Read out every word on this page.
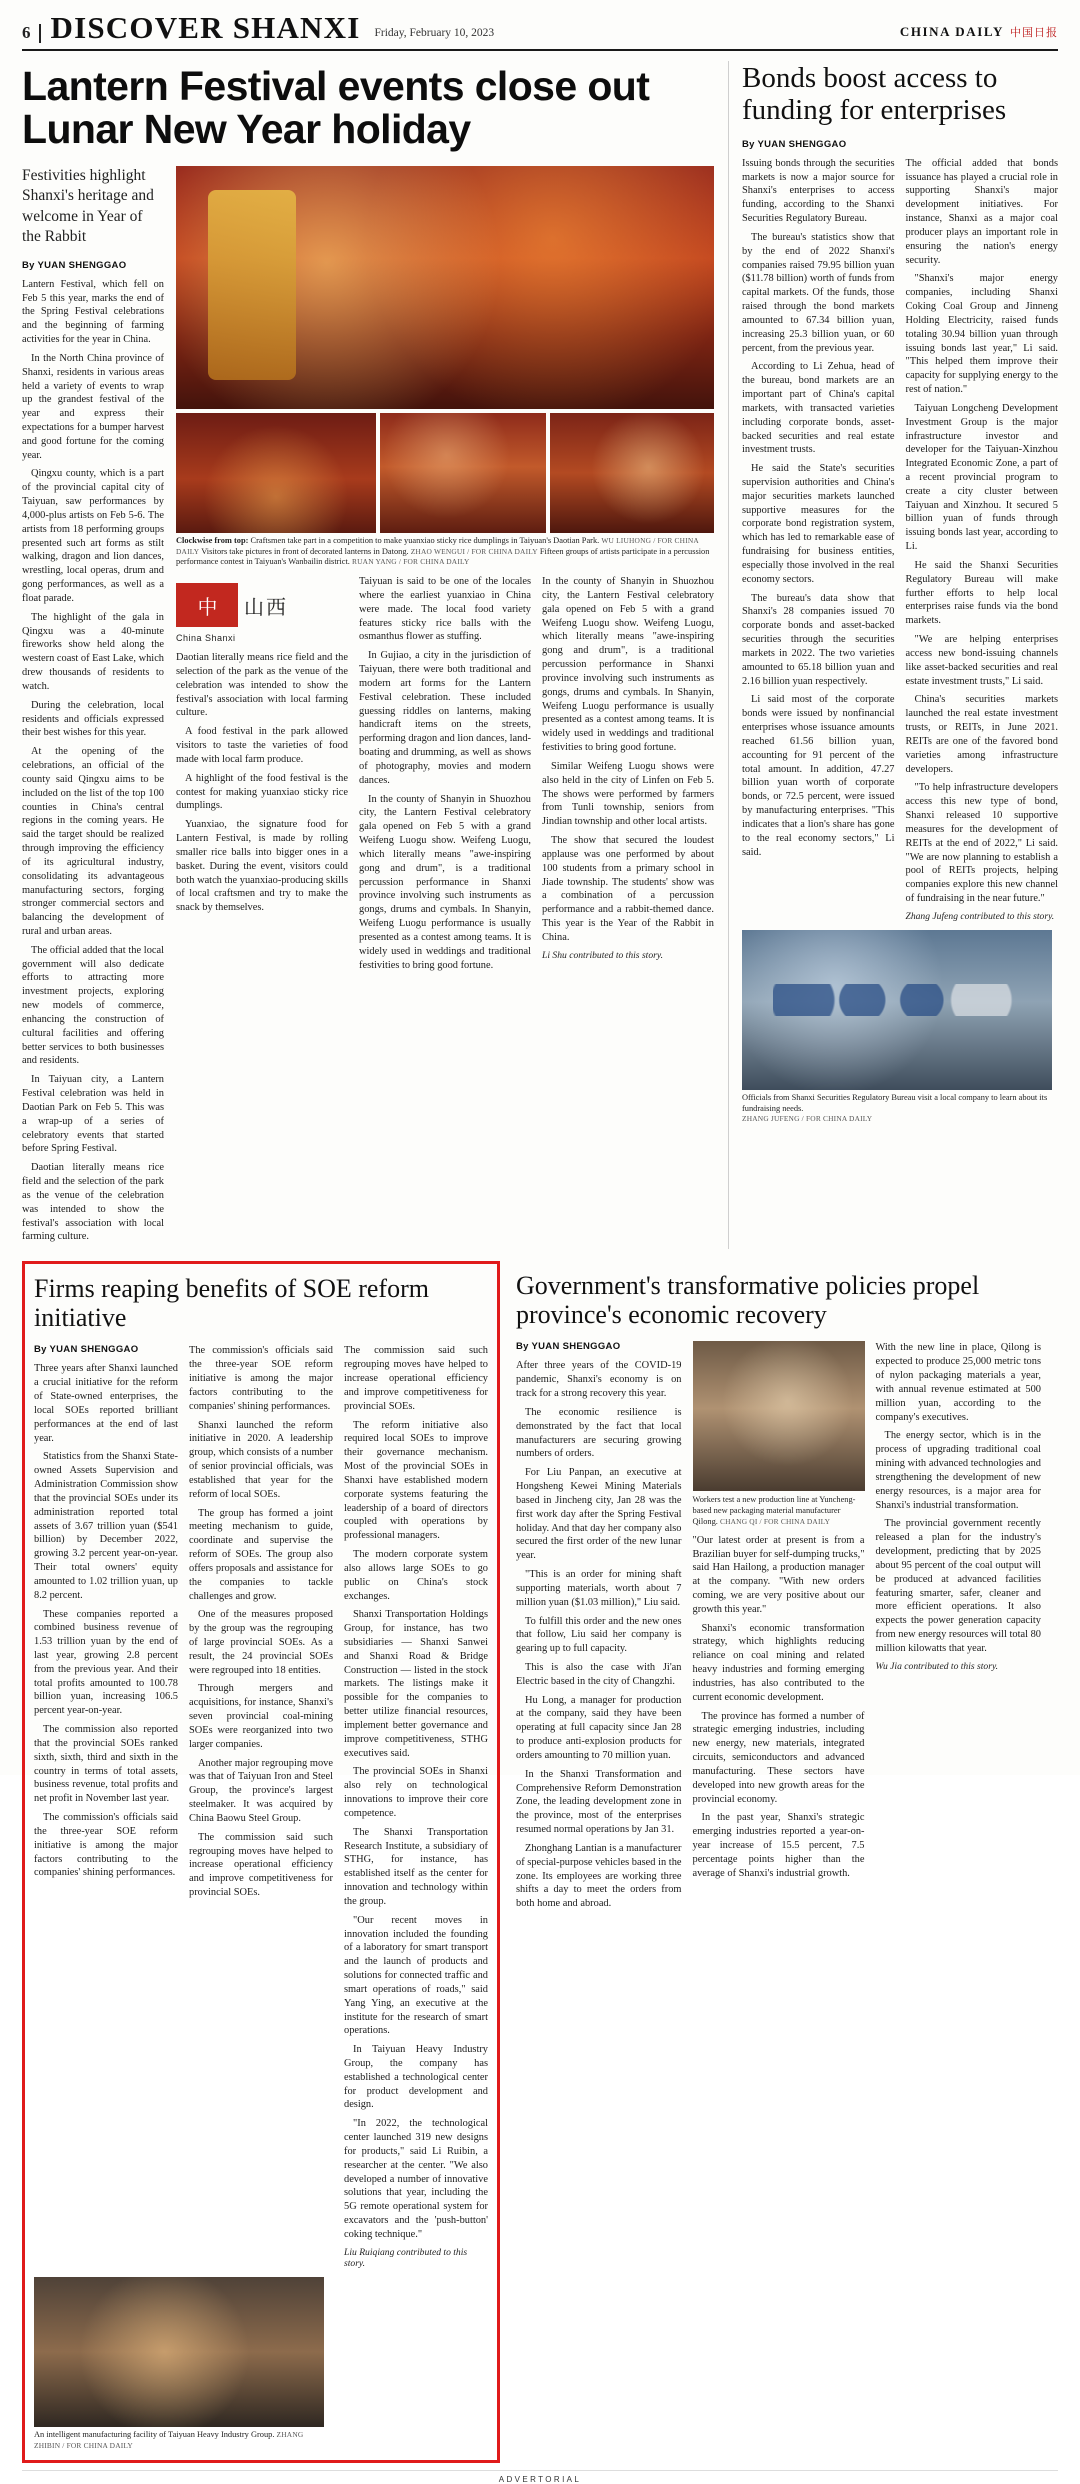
6 DISCOVER SHANXI Friday, February 10, 2023	CHINA DAILY 中国日报
Lantern Festival events close out Lunar New Year holiday
Festivities highlight Shanxi's heritage and welcome in Year of the Rabbit
By YUAN SHENGGAO

Lantern Festival, which fell on Feb 5 this year, marks the end of the Spring Festival celebrations and the beginning of farming activities for the year in China.

In the North China province of Shanxi, residents in various areas held a variety of events to wrap up the grandest festival of the year and express their expectations for a bumper harvest and good fortune for the coming year.

Qingxu county, which is a part of the provincial capital city of Taiyuan, saw performances by 4,000-plus artists on Feb 5-6. The artists from 18 performing groups presented such art forms as stilt walking, dragon and lion dances, wrestling, local operas, drum and gong performances, as well as a float parade.

The highlight of the gala in Qingxu was a 40-minute fireworks show held along the western coast of East Lake, which drew thousands of residents to watch.

During the celebration, local residents and officials expressed their best wishes for this year.

At the opening of the celebrations, an official of the county said Qingxu aims to be included on the list of the top 100 counties in China's central regions in the coming years. He said the target should be realized through improving the efficiency of its agricultural industry, consolidating its advantageous manufacturing sectors, forging stronger commercial sectors and balancing the development of rural and urban areas.

The official added that the local government will also dedicate efforts to attracting more investment projects, exploring new models of commerce, enhancing the construction of cultural facilities and offering better services to both businesses and residents.

In Taiyuan city, a Lantern Festival celebration was held in Daotian Park on Feb 5. This was a wrap-up of a series of celebratory events that started before Spring Festival.

Daotian literally means rice field and the selection of the park as the venue of the celebration was intended to show the festival's association with local farming culture.

Clockwise from top: Craftsmen take part in a competition to make yuanxiao sticky rice dumplings in Taiyuan's Daotian Park. WU LIUHONG / FOR CHINA DAILY Visitors take pictures in front of decorated lanterns in Datong. ZHAO WENGUI / FOR CHINA DAILY Fifteen groups of artists participate in a percussion performance contest in Taiyuan's Wanbailin district. RUAN YANG / FOR CHINA DAILY
中	山西
China Shanxi

Daotian literally means rice field and the selection of the park as the venue of the celebration was intended to show the festival's association with local farming culture.

A food festival in the park allowed visitors to taste the varieties of food made with local farm produce.

A highlight of the food festival is the contest for making yuanxiao sticky rice dumplings.

Yuanxiao, the signature food for Lantern Festival, is made by rolling smaller rice balls into bigger ones in a basket. During the event, visitors could both watch the yuanxiao-producing skills of local craftsmen and try to make the snack by themselves.

Taiyuan is said to be one of the locales where the earliest yuanxiao in China were made. The local food variety features sticky rice balls with the osmanthus flower as stuffing.

In Gujiao, a city in the jurisdiction of Taiyuan, there were both traditional and modern art forms for the Lantern Festival celebration. These included guessing riddles on lanterns, making handicraft items on the streets, performing dragon and lion dances, land-boating and drumming, as well as shows of photography, movies and modern dances.

In the county of Shanyin in Shuozhou city, the Lantern Festival celebratory gala opened on Feb 5 with a grand Weifeng Luogu show. Weifeng Luogu, which literally means "awe-inspiring gong and drum", is a traditional percussion performance in Shanxi province involving such instruments as gongs, drums and cymbals. In Shanyin, Weifeng Luogu performance is usually presented as a contest among teams. It is widely used in weddings and traditional festivities to bring good fortune.

In the county of Shanyin in Shuozhou city, the Lantern Festival celebratory gala opened on Feb 5 with a grand Weifeng Luogu show. Weifeng Luogu, which literally means "awe-inspiring gong and drum", is a traditional percussion performance in Shanxi province involving such instruments as gongs, drums and cymbals. In Shanyin, Weifeng Luogu performance is usually presented as a contest among teams. It is widely used in weddings and traditional festivities to bring good fortune.

Similar Weifeng Luogu shows were also held in the city of Linfen on Feb 5. The shows were performed by farmers from Tunli township, seniors from Jindian township and other local artists.

The show that secured the loudest applause was one performed by about 100 students from a primary school in Jiade township. The students' show was a combination of a percussion performance and a rabbit-themed dance. This year is the Year of the Rabbit in China.

Li Shu contributed to this story.
Bonds boost access to funding for enterprises
By YUAN SHENGGAO

Issuing bonds through the securities markets is now a major source for Shanxi's enterprises to access funding, according to the Shanxi Securities Regulatory Bureau.

The bureau's statistics show that by the end of 2022 Shanxi's companies raised 79.95 billion yuan ($11.78 billion) worth of funds from capital markets. Of the funds, those raised through the bond markets amounted to 67.34 billion yuan, increasing 25.3 billion yuan, or 60 percent, from the previous year.

According to Li Zehua, head of the bureau, bond markets are an important part of China's capital markets, with transacted varieties including corporate bonds, asset-backed securities and real estate investment trusts.

He said the State's securities supervision authorities and China's major securities markets launched supportive measures for the corporate bond registration system, which has led to remarkable ease of fundraising for business entities, especially those involved in the real economy sectors.

The bureau's data show that Shanxi's 28 companies issued 70 corporate bonds and asset-backed securities through the securities markets in 2022. The two varieties amounted to 65.18 billion yuan and 2.16 billion yuan respectively.

Li said most of the corporate bonds were issued by nonfinancial enterprises whose issuance amounts reached 61.56 billion yuan, accounting for 91 percent of the total amount. In addition, 47.27 billion yuan worth of corporate bonds, or 72.5 percent, were issued by manufacturing enterprises. "This indicates that a lion's share has gone to the real economy sectors," Li said.

The official added that bonds issuance has played a crucial role in supporting Shanxi's major development initiatives. For instance, Shanxi as a major coal producer plays an important role in ensuring the nation's energy security.

"Shanxi's major energy companies, including Shanxi Coking Coal Group and Jinneng Holding Electricity, raised funds totaling 30.94 billion yuan through issuing bonds last year," Li said. "This helped them improve their capacity for supplying energy to the rest of nation."

Taiyuan Longcheng Development Investment Group is the major infrastructure investor and developer for the Taiyuan-Xinzhou Integrated Economic Zone, a part of a recent provincial program to create a city cluster between Taiyuan and Xinzhou. It secured 5 billion yuan of funds through issuing bonds last year, according to Li.

He said the Shanxi Securities Regulatory Bureau will make further efforts to help local enterprises raise funds via the bond markets.

"We are helping enterprises access new bond-issuing channels like asset-backed securities and real estate investment trusts," Li said.

China's securities markets launched the real estate investment trusts, or REITs, in June 2021. REITs are one of the favored bond varieties among infrastructure developers.

"To help infrastructure developers access this new type of bond, Shanxi released 10 supportive measures for the development of REITs at the end of 2022," Li said. "We are now planning to establish a pool of REITs projects, helping companies explore this new channel of fundraising in the near future."

Zhang Jufeng contributed to this story.
Officials from Shanxi Securities Regulatory Bureau visit a local company to learn about its fundraising needs.
ZHANG JUFENG / FOR CHINA DAILY
Firms reaping benefits of SOE reform initiative
By YUAN SHENGGAO

Three years after Shanxi launched a crucial initiative for the reform of State-owned enterprises, the local SOEs reported brilliant performances at the end of last year.

Statistics from the Shanxi State-owned Assets Supervision and Administration Commission show that the provincial SOEs under its administration reported total assets of 3.67 trillion yuan ($541 billion) by December 2022, growing 3.2 percent year-on-year. Their total owners' equity amounted to 1.02 trillion yuan, up 8.2 percent.

These companies reported a combined business revenue of 1.53 trillion yuan by the end of last year, growing 2.8 percent from the previous year. And their total profits amounted to 100.78 billion yuan, increasing 106.5 percent year-on-year.

The commission also reported that the provincial SOEs ranked sixth, sixth, third and sixth in the country in terms of total assets, business revenue, total profits and net profit in November last year.

The commission's officials said the three-year SOE reform initiative is among the major factors contributing to the companies' shining performances.

The commission's officials said the three-year SOE reform initiative is among the major factors contributing to the companies' shining performances.

Shanxi launched the reform initiative in 2020. A leadership group, which consists of a number of senior provincial officials, was established that year for the reform of local SOEs.

The group has formed a joint meeting mechanism to guide, coordinate and supervise the reform of SOEs. The group also offers proposals and assistance for the companies to tackle challenges and grow.

One of the measures proposed by the group was the regrouping of large provincial SOEs. As a result, the 24 provincial SOEs were regrouped into 18 entities.

Through mergers and acquisitions, for instance, Shanxi's seven provincial coal-mining SOEs were reorganized into two larger companies.

Another major regrouping move was that of Taiyuan Iron and Steel Group, the province's largest steelmaker. It was acquired by China Baowu Steel Group.

The commission said such regrouping moves have helped to increase operational efficiency and improve competitiveness for provincial SOEs.

The commission said such regrouping moves have helped to increase operational efficiency and improve competitiveness for provincial SOEs.

The reform initiative also required local SOEs to improve their governance mechanism. Most of the provincial SOEs in Shanxi have established modern corporate systems featuring the leadership of a board of directors coupled with operations by professional managers.

The modern corporate system also allows large SOEs to go public on China's stock exchanges.

Shanxi Transportation Holdings Group, for instance, has two subsidiaries — Shanxi Sanwei and Shanxi Road & Bridge Construction — listed in the stock markets. The listings make it possible for the companies to better utilize financial resources, implement better governance and improve competitiveness, STHG executives said.

The provincial SOEs in Shanxi also rely on technological innovations to improve their core competence.

The Shanxi Transportation Research Institute, a subsidiary of STHG, for instance, has established itself as the center for innovation and technology within the group.

"Our recent moves in innovation included the founding of a laboratory for smart transport and the launch of products and solutions for connected traffic and smart operations of roads," said Yang Ying, an executive at the institute for the research of smart operations.

In Taiyuan Heavy Industry Group, the company has established a technological center for product development and design.

"In 2022, the technological center launched 319 new designs for products," said Li Ruibin, a researcher at the center. "We also developed a number of innovative solutions that year, including the 5G remote operational system for excavators and the 'push-button' coking technique."

Liu Ruiqiang contributed to this story.
An intelligent manufacturing facility of Taiyuan Heavy Industry Group. ZHANG ZHIBIN / FOR CHINA DAILY
Government's transformative policies propel province's economic recovery
By YUAN SHENGGAO

After three years of the COVID-19 pandemic, Shanxi's economy is on track for a strong recovery this year.

The economic resilience is demonstrated by the fact that local manufacturers are securing growing numbers of orders.

For Liu Panpan, an executive at Hongsheng Kewei Mining Materials based in Jincheng city, Jan 28 was the first work day after the Spring Festival holiday. And that day her company also secured the first order of the new lunar year.

"This is an order for mining shaft supporting materials, worth about 7 million yuan ($1.03 million)," Liu said.

To fulfill this order and the new ones that follow, Liu said her company is gearing up to full capacity.

This is also the case with Ji'an Electric based in the city of Changzhi.

Hu Long, a manager for production at the company, said they have been operating at full capacity since Jan 28 to produce anti-explosion products for orders amounting to 70 million yuan.

In the Shanxi Transformation and Comprehensive Reform Demonstration Zone, the leading development zone in the province, most of the enterprises resumed normal operations by Jan 31.

Zhonghang Lantian is a manufacturer of special-purpose vehicles based in the zone. Its employees are working three shifts a day to meet the orders from both home and abroad.

Workers test a new production line at Yuncheng-based new packaging material manufacturer Qilong. CHANG QI / FOR CHINA DAILY

"Our latest order at present is from a Brazilian buyer for self-dumping trucks," said Han Hailong, a production manager at the company. "With new orders coming, we are very positive about our growth this year."

Shanxi's economic transformation strategy, which highlights reducing reliance on coal mining and related heavy industries and forming emerging industries, has also contributed to the current economic development.

The province has formed a number of strategic emerging industries, including new energy, new materials, integrated circuits, semiconductors and advanced manufacturing. These sectors have developed into new growth areas for the provincial economy.

In the past year, Shanxi's strategic emerging industries reported a year-on-year increase of 15.5 percent, 7.5 percentage points higher than the average of Shanxi's industrial growth.

With the new line in place, Qilong is expected to produce 25,000 metric tons of nylon packaging materials a year, with annual revenue estimated at 500 million yuan, according to the company's executives.

The energy sector, which is in the process of upgrading traditional coal mining with advanced technologies and strengthening the development of new energy resources, is a major area for Shanxi's industrial transformation.

The provincial government recently released a plan for the industry's development, predicting that by 2025 about 95 percent of the coal output will be produced at advanced facilities featuring smarter, safer, cleaner and more efficient operations. It also expects the power generation capacity from new energy resources will total 80 million kilowatts that year.

Wu Jia contributed to this story.
ADVERTORIAL
